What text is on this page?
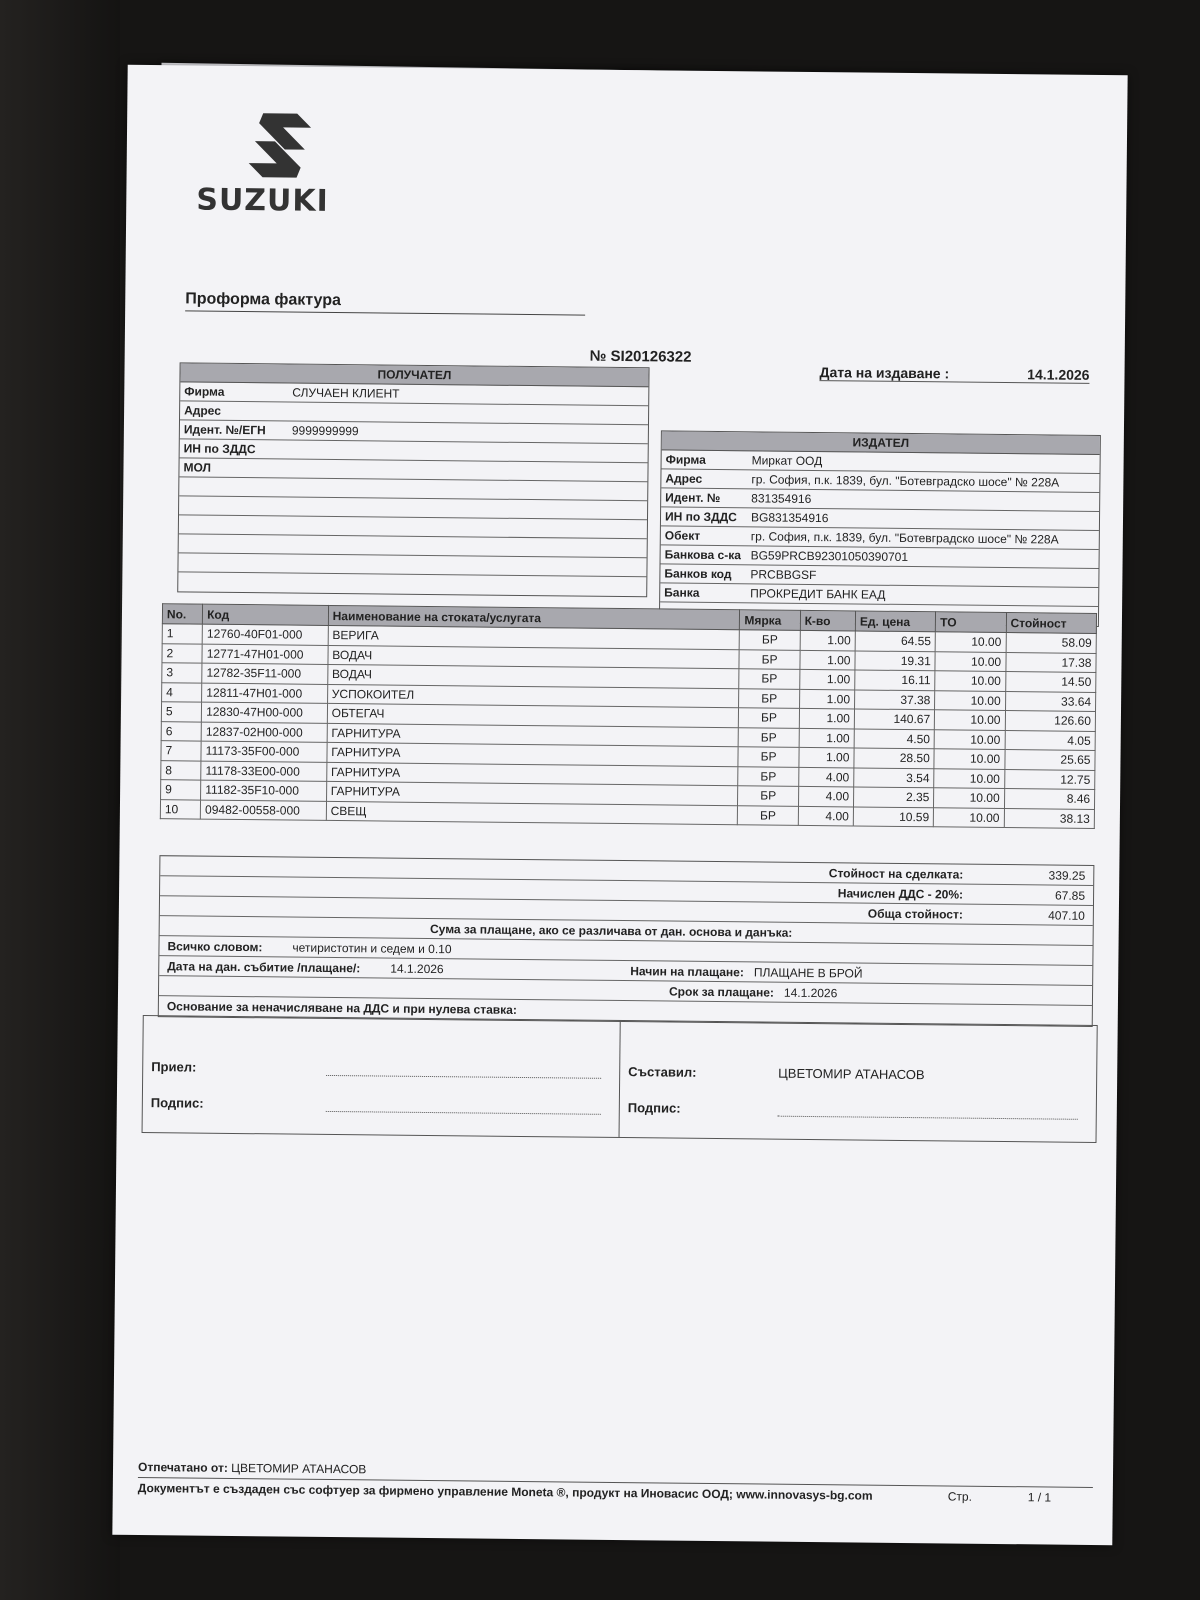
SUZUKI
Проформа фактура
№ SI20126322
Дата на издаване :	14.1.2026
ПОЛУЧАТЕЛ
Фирма	СЛУЧАЕН КЛИЕНТ
Адрес
Идент. №/ЕГН	9999999999
ИН по ЗДДС
МОЛ
ИЗДАТЕЛ
Фирма	Миркат ООД
Адрес	гр. София, п.к. 1839, бул. "Ботевградско шосе" № 228А
Идент. №	831354916
ИН по ЗДДС	BG831354916
Обект	гр. София, п.к. 1839, бул. "Ботевградско шосе" № 228А
Банкова с-ка BG59PRCB92301050390701
Банков код	PRCBBGSF
Банка	ПРОКРЕДИТ БАНК ЕАД
No.	Код	Наименование на стоката/услугата	Мярка	К-во	Ед. цена	ТО	Стойност
1	12760-40F01-000	ВЕРИГА	БР	1.00	64.55	10.00	58.09
2	12771-47H01-000	ВОДАЧ	БР	1.00	19.31	10.00	17.38
3	12782-35F11-000	ВОДАЧ	БР	1.00	16.11	10.00	14.50
4	12811-47H01-000	УСПОКОИТЕЛ	БР	1.00	37.38	10.00	33.64
5	12830-47H00-000	ОБТЕГАЧ	БР	1.00	140.67	10.00	126.60
6	12837-02H00-000	ГАРНИТУРА	БР	1.00	4.50	10.00	4.05
7	11173-35F00-000	ГАРНИТУРА	БР	1.00	28.50	10.00	25.65
8	11178-33E00-000	ГАРНИТУРА	БР	4.00	3.54	10.00	12.75
9	11182-35F10-000	ГАРНИТУРА	БР	4.00	2.35	10.00	8.46
10	09482-00558-000	СВЕЩ	БР	4.00	10.59	10.00	38.13
Стойност на сделката:	339.25
Начислен ДДС - 20%:	67.85
Обща стойност:	407.10
Сума за плащане, ако се различава от дан. основа и данъка:
Всичко словом: четиристотин и седем и 0.10
Дата на дан. събитие /плащане/: 14.1.2026	Начин на плащане: ПЛАЩАНЕ В БРОЙ
Срок за плащане: 14.1.2026
Основание за неначисляване на ДДС и при нулева ставка:
Приел:
Подпис:
Съставил:	ЦВЕТОМИР АТАНАСОВ
Подпис:
Отпечатано от: ЦВЕТОМИР АТАНАСОВ
Документът е създаден със софтуер за фирмено управление Moneta ®, продукт на Иновасис ООД; www.innovasys-bg.com	Стр.	1 / 1
